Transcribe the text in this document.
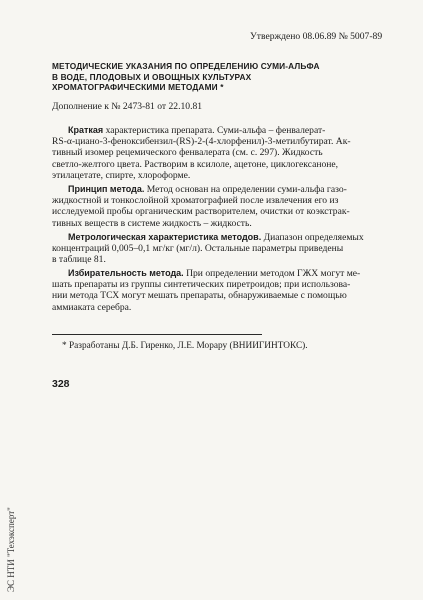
Утверждено 08.06.89 № 5007-89
МЕТОДИЧЕСКИЕ УКАЗАНИЯ ПО ОПРЕДЕЛЕНИЮ СУМИ-АЛЬФА
В ВОДЕ, ПЛОДОВЫХ И ОВОЩНЫХ КУЛЬТУРАХ
ХРОМАТОГРАФИЧЕСКИМИ МЕТОДАМИ *
Дополнение к № 2473-81 от 22.10.81
Краткая характеристика препарата. Суми-альфа – фенвалерат-
RS-α-циано-3-феноксибензил-(RS)-2-(4-хлорфенил)-3-метилбутират. Ак-
тивный изомер рецемического фенвалерата (см. с. 297). Жидкость
светло-желтого цвета. Растворим в ксилоле, ацетоне, циклогексаноне,
этилацетате, спирте, хлороформе.
Принцип метода. Метод основан на определении суми-альфа газо-
жидкостной и тонкослойной хроматографией после извлечения его из
исследуемой пробы органическим растворителем, очистки от коэкстрак-
тивных веществ в системе жидкость – жидкость.
Метрологическая характеристика методов. Диапазон определяемых
концентраций 0,005–0,1 мг/кг (мг/л). Остальные параметры приведены
в таблице 81.
Избирательность метода. При определении методом ГЖХ могут ме-
шать препараты из группы синтетических пиретроидов; при использова-
нии метода ТСХ могут мешать препараты, обнаруживаемые с помощью
аммиаката серебра.
* Разработаны Д.Б. Гиренко, Л.Е. Морару (ВНИИГИНТОКС).
328
ЭС НТИ "Техэксперт"
